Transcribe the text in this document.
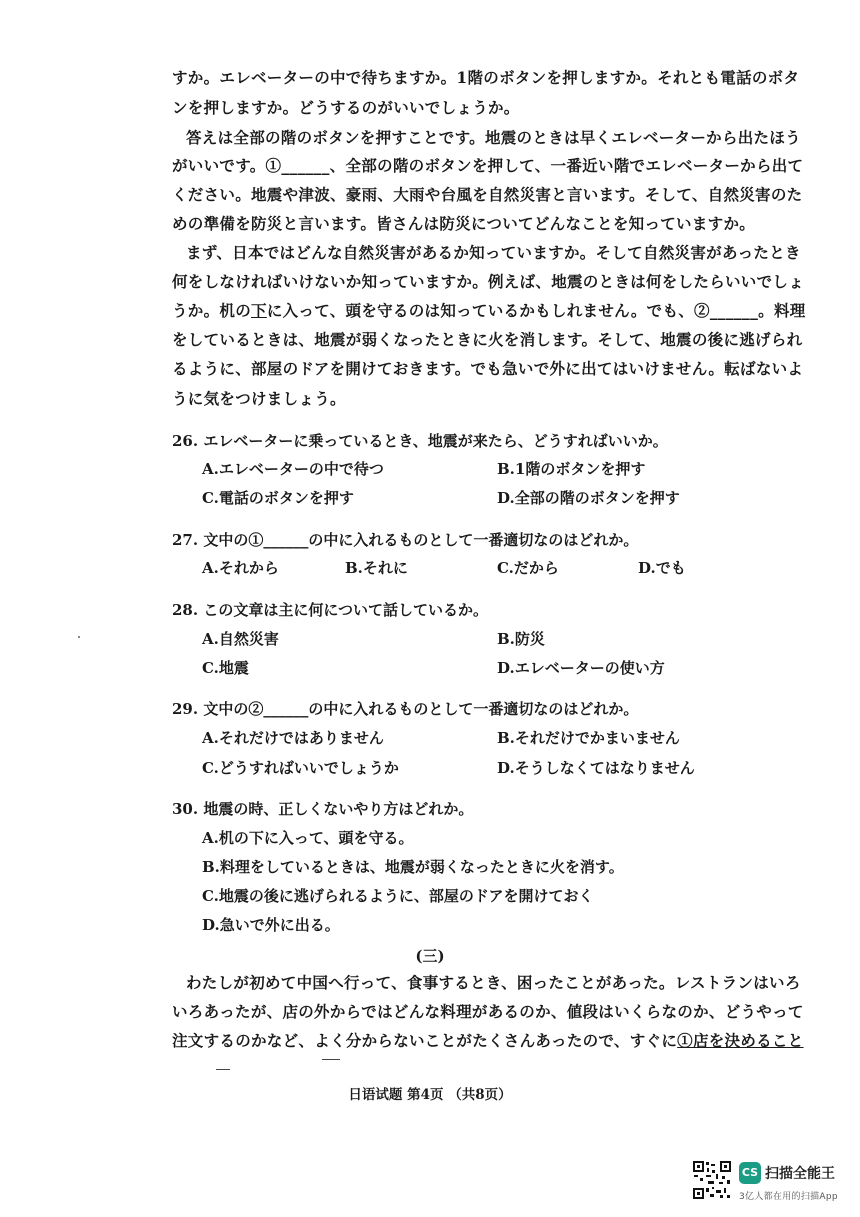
すか。エレベーターの中で待ちますか。1階のボタンを押しますか。それとも電話のボタ
ンを押しますか。どうするのがいいでしょうか。
答えは全部の階のボタンを押すことです。地震のときは早くエレベーターから出たほう
がいいです。①______、全部の階のボタンを押して、一番近い階でエレベーターから出て
ください。地震や津波、豪雨、大雨や台風を自然災害と言います。そして、自然災害のた
めの準備を防災と言います。皆さんは防災についてどんなことを知っていますか。
まず、日本ではどんな自然災害があるか知っていますか。そして自然災害があったとき
何をしなければいけないか知っていますか。例えば、地震のときは何をしたらいいでしょ
うか。机の下に入って、頭を守るのは知っているかもしれません。でも、②______。料理
をしているときは、地震が弱くなったときに火を消します。そして、地震の後に逃げられ
るように、部屋のドアを開けておきます。でも急いで外に出てはいけません。転ばないよ
うに気をつけましょう。
26. エレベーターに乗っているとき、地震が来たら、どうすればいいか。
A.エレベーターの中で待つ	B.1階のボタンを押す
C.電話のボタンを押す	D.全部の階のボタンを押す
27. 文中の①______の中に入れるものとして一番適切なのはどれか。
A.それから	B.それに	C.だから	D.でも
28. この文章は主に何について話しているか。
A.自然災害	B.防災
C.地震	D.エレベーターの使い方
29. 文中の②______の中に入れるものとして一番適切なのはどれか。
A.それだけではありません	B.それだけでかまいません
C.どうすればいいでしょうか	D.そうしなくてはなりません
30. 地震の時、正しくないやり方はどれか。
A.机の下に入って、頭を守る。
B.料理をしているときは、地震が弱くなったときに火を消す。
C.地震の後に逃げられるように、部屋のドアを開けておく
D.急いで外に出る。
(三)
わたしが初めて中国へ行って、食事するとき、困ったことがあった。レストランはいろ
いろあったが、店の外からではどんな料理があるのか、値段はいくらなのか、どうやって
注文するのかなど、よく分からないことがたくさんあったので、すぐに①店を決めること
日语试题 第4页 （共8页）
CS 扫描全能王
3亿人都在用的扫描App
